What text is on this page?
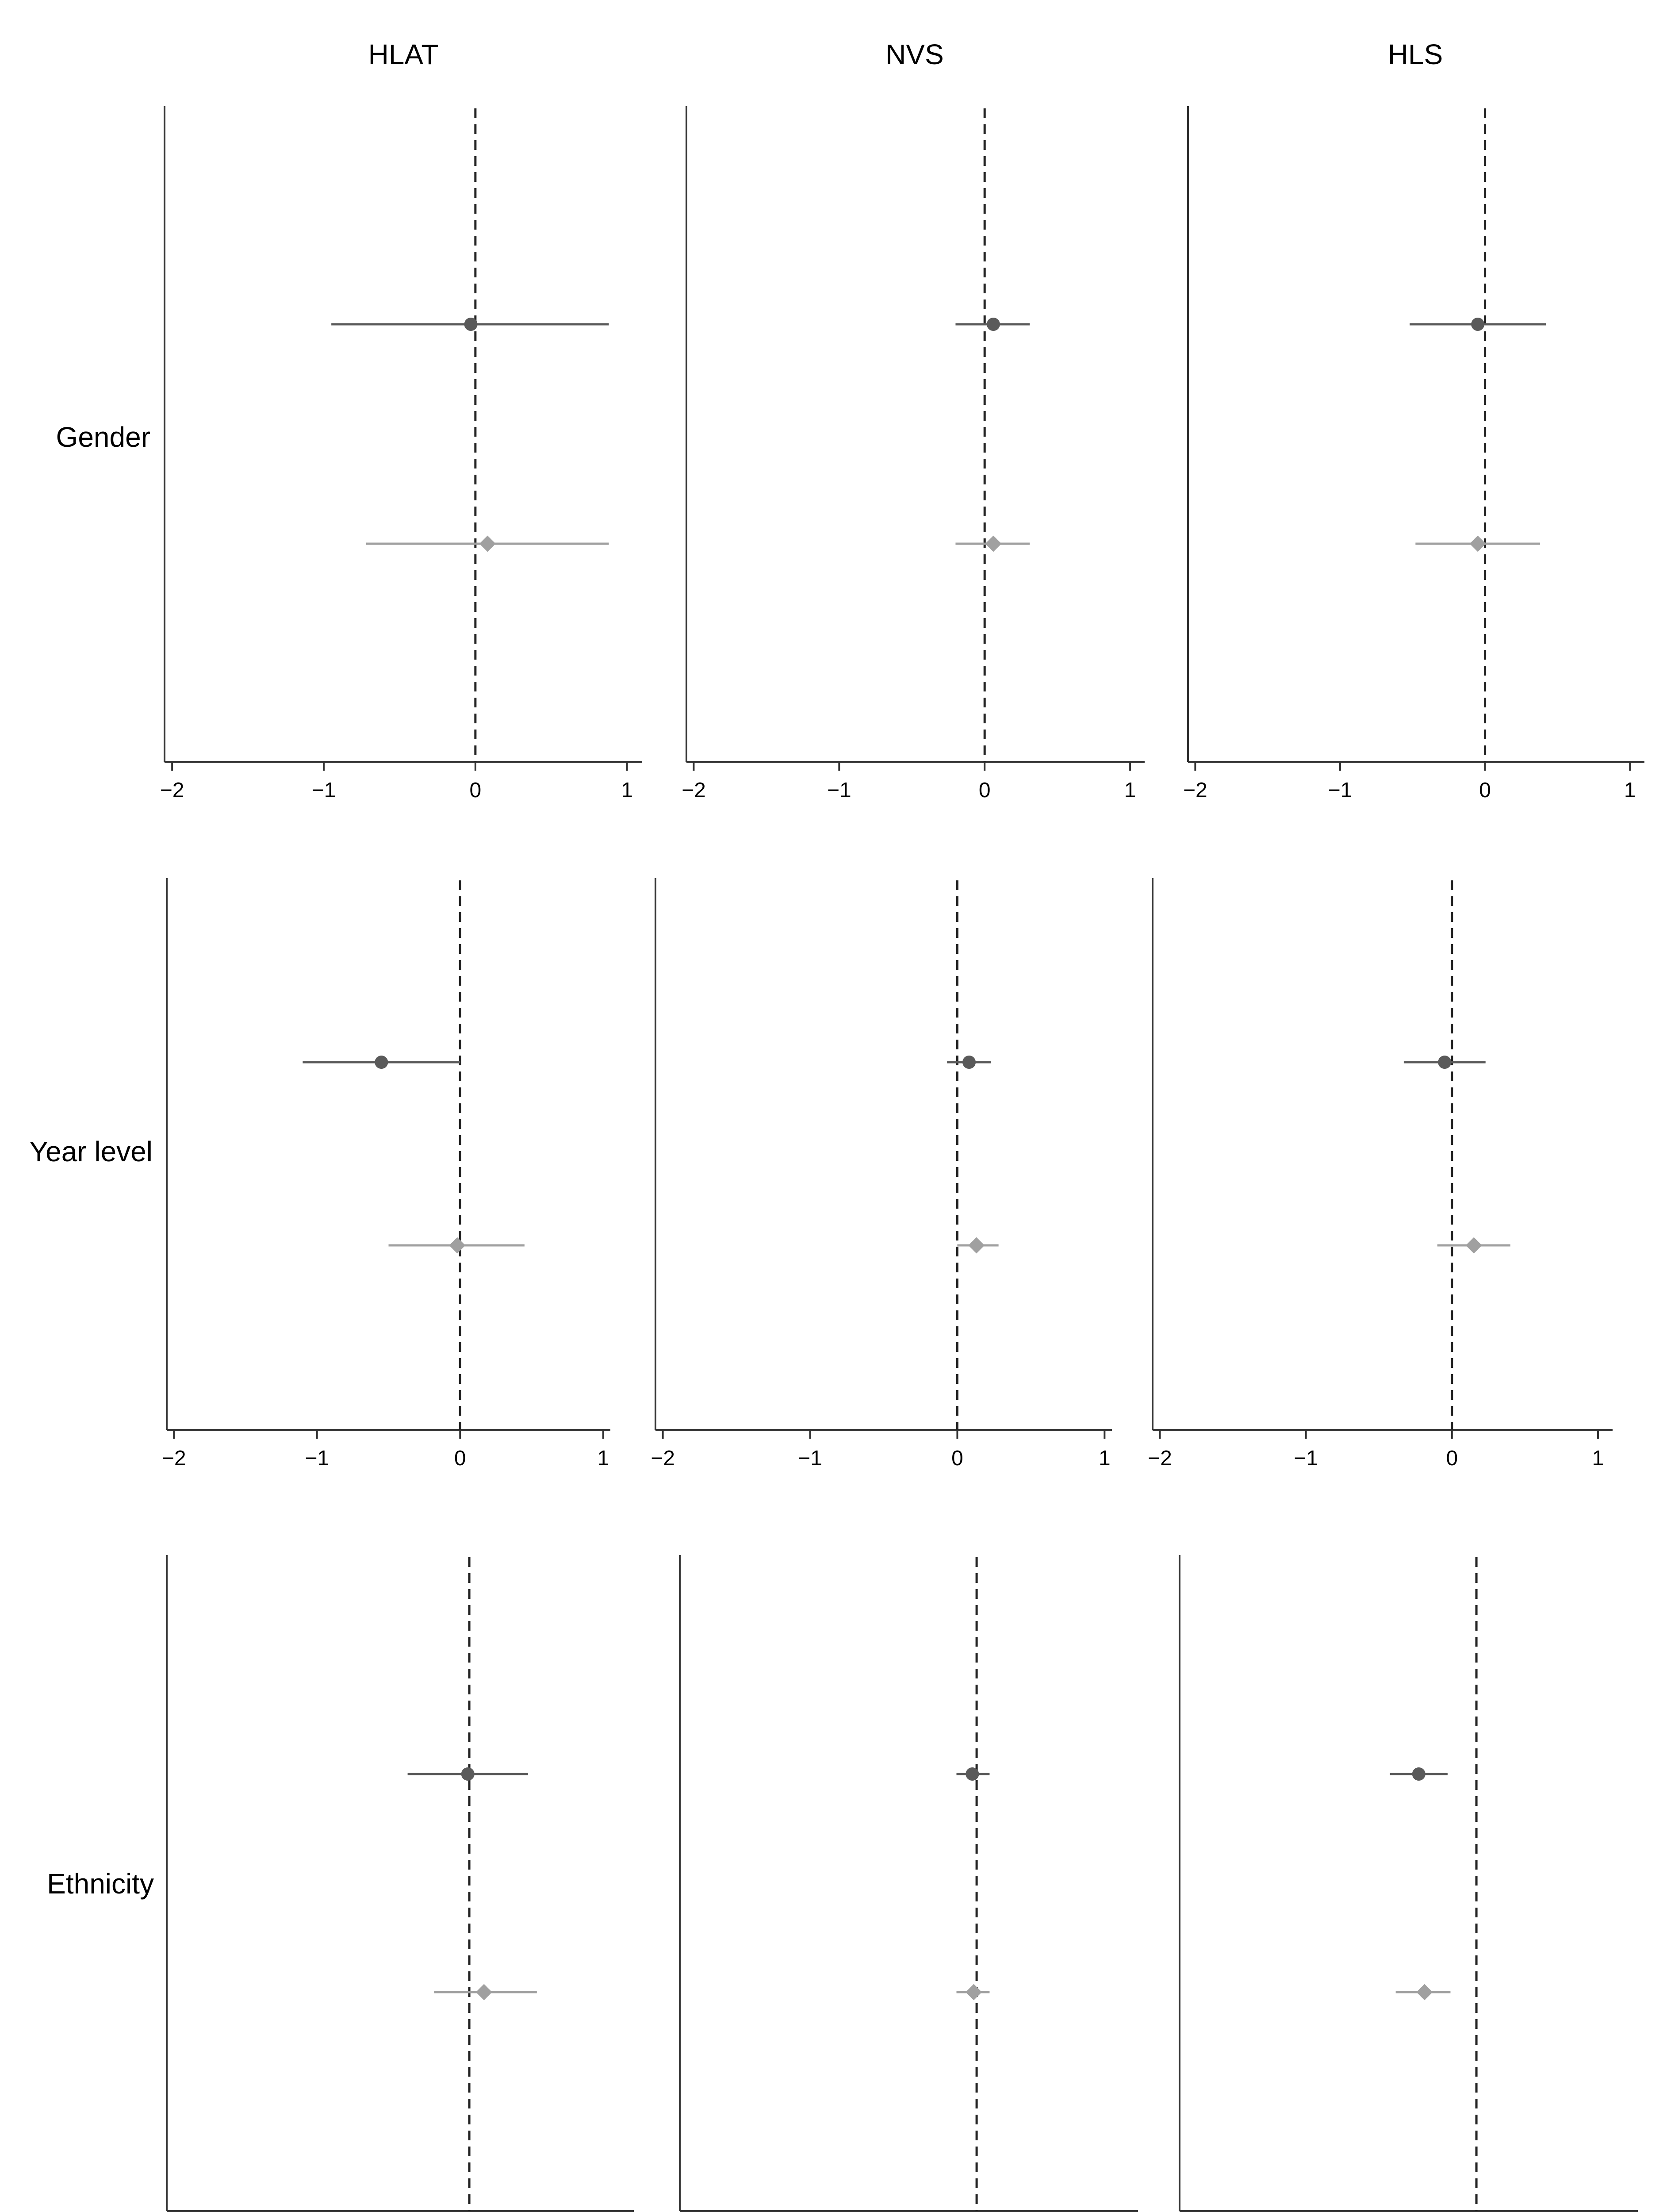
HLAT	NVS	HLS
Gender
Year level
Ethnicity
−2	−1	0	1 −2	−1	0	1 −2	−1	0	1
−2	−1	0	1 −2	−1	0	1 −2	−1	0	1
